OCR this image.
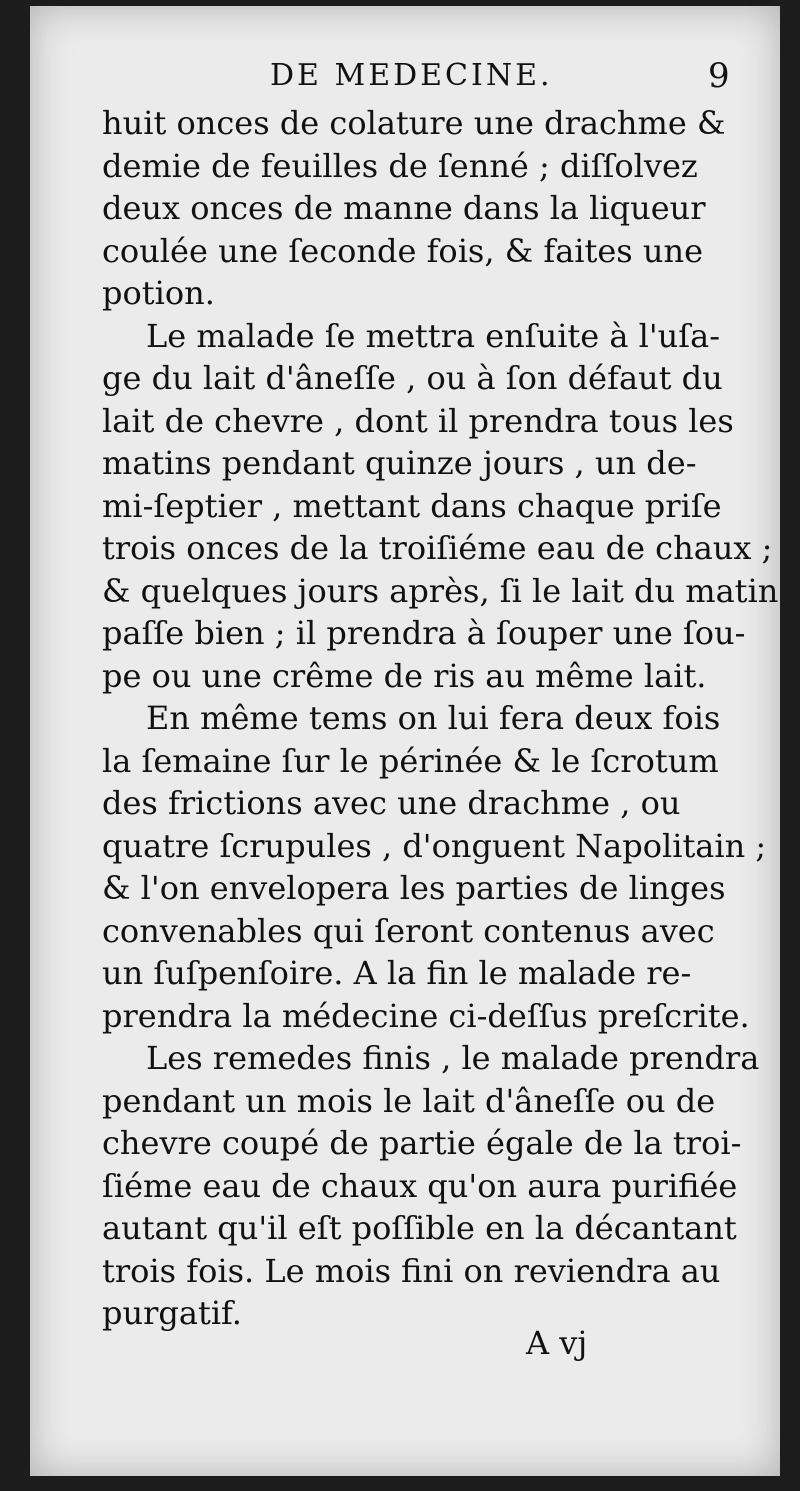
DE MEDECINE.	9
huit onces de colature une drachme &
demie de feuilles de ſenné ; diſſolvez
deux onces de manne dans la liqueur
coulée une ſeconde fois, & faites une
potion.
Le malade ſe mettra enſuite à l'uſa-
ge du lait d'âneſſe , ou à ſon défaut du
lait de chevre , dont il prendra tous les
matins pendant quinze jours , un de-
mi-ſeptier , mettant dans chaque priſe
trois onces de la troiſiéme eau de chaux ;
& quelques jours après, ſi le lait du matin
paſſe bien ; il prendra à ſouper une ſou-
pe ou une crême de ris au même lait.
En même tems on lui fera deux fois
la ſemaine ſur le périnée & le ſcrotum
des frictions avec une drachme , ou
quatre ſcrupules , d'onguent Napolitain ;
& l'on envelopera les parties de linges
convenables qui ſeront contenus avec
un ſuſpenſoire. A la fin le malade re-
prendra la médecine ci-deſſus preſcrite.
Les remedes finis , le malade prendra
pendant un mois le lait d'âneſſe ou de
chevre coupé de partie égale de la troi-
ſiéme eau de chaux qu'on aura purifiée
autant qu'il eſt poſſible en la décantant
trois fois. Le mois fini on reviendra au
purgatif.
A vj
